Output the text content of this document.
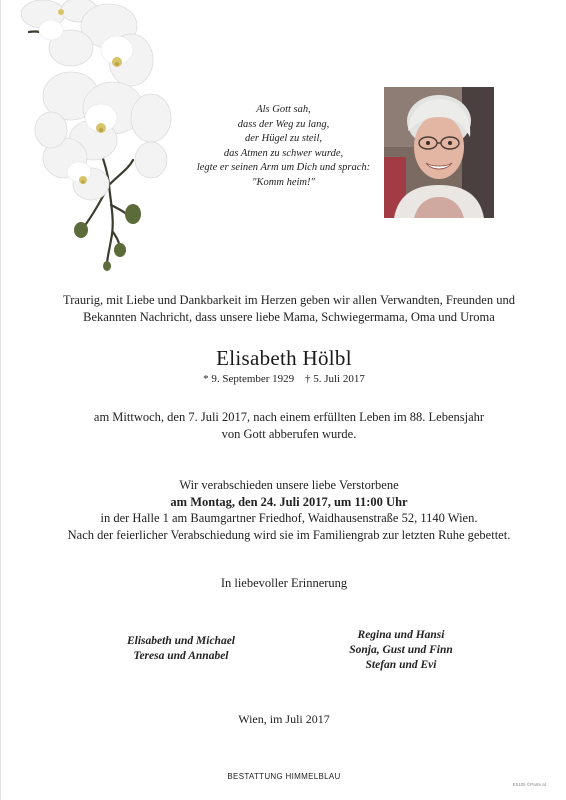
Als Gott sah,
dass der Weg zu lang,
der Hügel zu steil,
das Atmen zu schwer wurde,
legte er seinen Arm um Dich und sprach:
"Komm heim!"
Traurig, mit Liebe und Dankbarkeit im Herzen geben wir allen Verwandten, Freunden und
Bekannten Nachricht, dass unsere liebe Mama, Schwiegermama, Oma und Uroma
Elisabeth Hölbl
* 9. September 1929 † 5. Juli 2017
am Mittwoch, den 7. Juli 2017, nach einem erfüllten Leben im 88. Lebensjahr
von Gott abberufen wurde.
Wir verabschieden unsere liebe Verstorbene
am Montag, den 24. Juli 2017, um 11:00 Uhr
in der Halle 1 am Baumgartner Friedhof, Waidhausenstraße 52, 1140 Wien.
Nach der feierlicher Verabschiedung wird sie im Familiengrab zur letzten Ruhe gebettet.
In liebevoller Erinnerung
Elisabeth und Michael
Teresa und Annabel
Regina und Hansi
Sonja, Gust und Finn
Stefan und Evi
Wien, im Juli 2017
BESTATTUNG HIMMELBLAU
E5105 ©Parte.at
